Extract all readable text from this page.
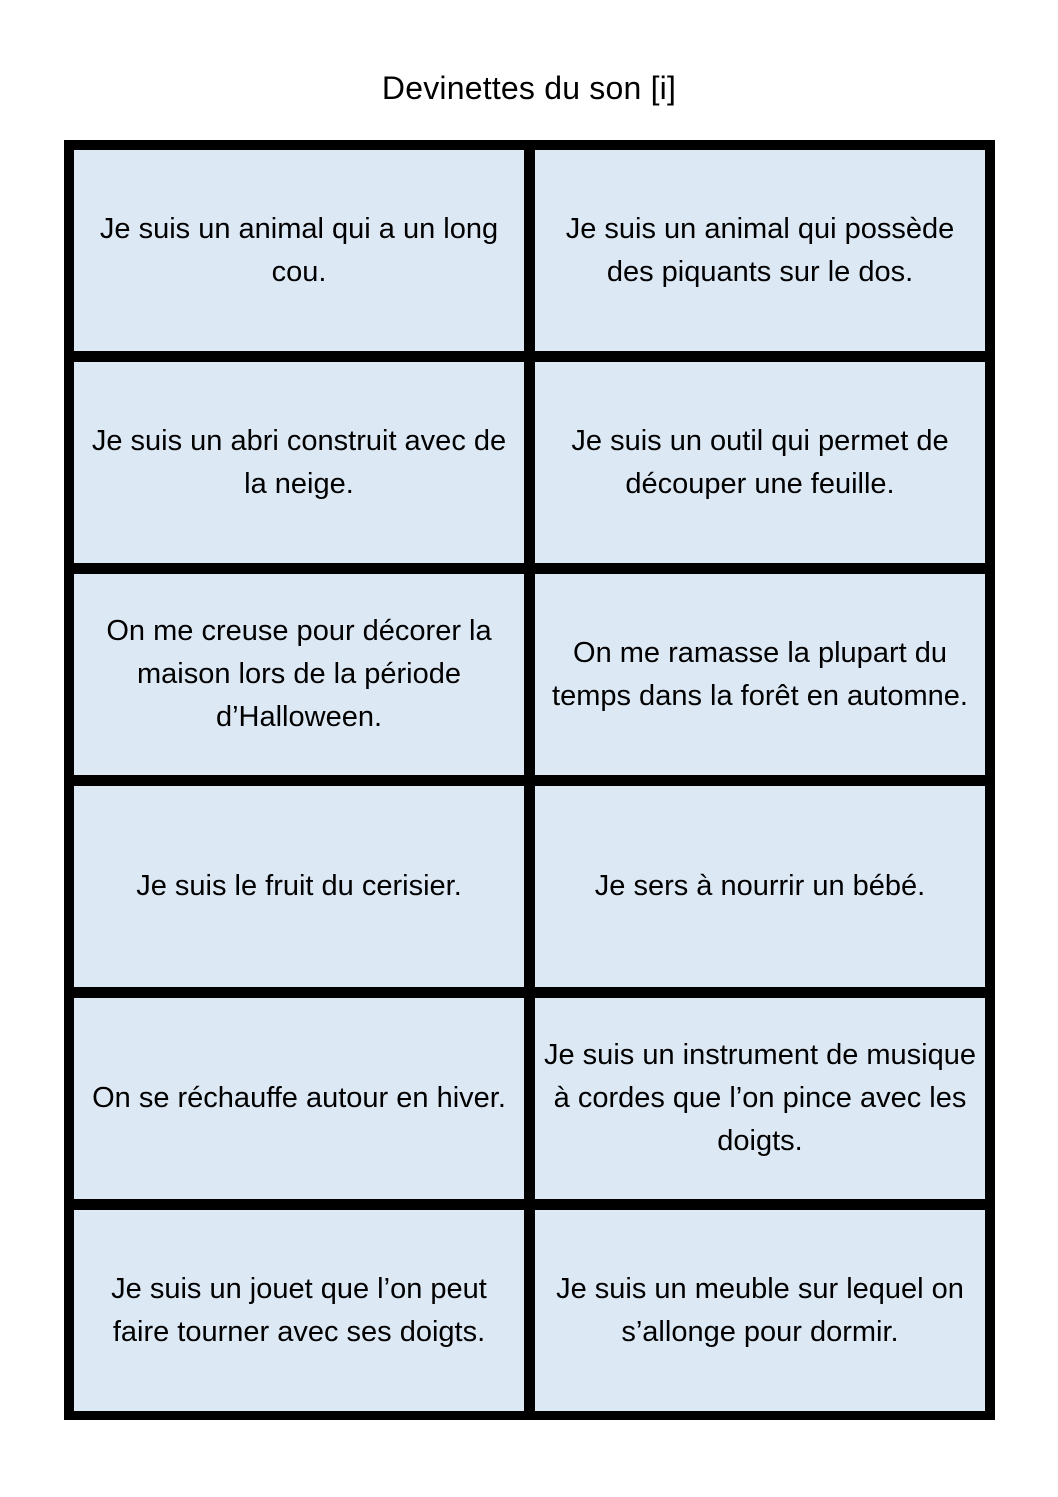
Devinettes du son [i]

Je suis un animal qui a un long cou.

Je suis un animal qui possède des piquants sur le dos.

Je suis un abri construit avec de la neige.

Je suis un outil qui permet de découper une feuille.

On me creuse pour décorer la maison lors de la période d’Halloween.

On me ramasse la plupart du temps dans la forêt en automne.

Je suis le fruit du cerisier.	Je sers à nourrir un bébé.

On se réchauffe autour en hiver.

Je suis un instrument de musique à cordes que l’on pince avec les doigts.

Je suis un jouet que l’on peut faire tourner avec ses doigts.

Je suis un meuble sur lequel on s’allonge pour dormir.
